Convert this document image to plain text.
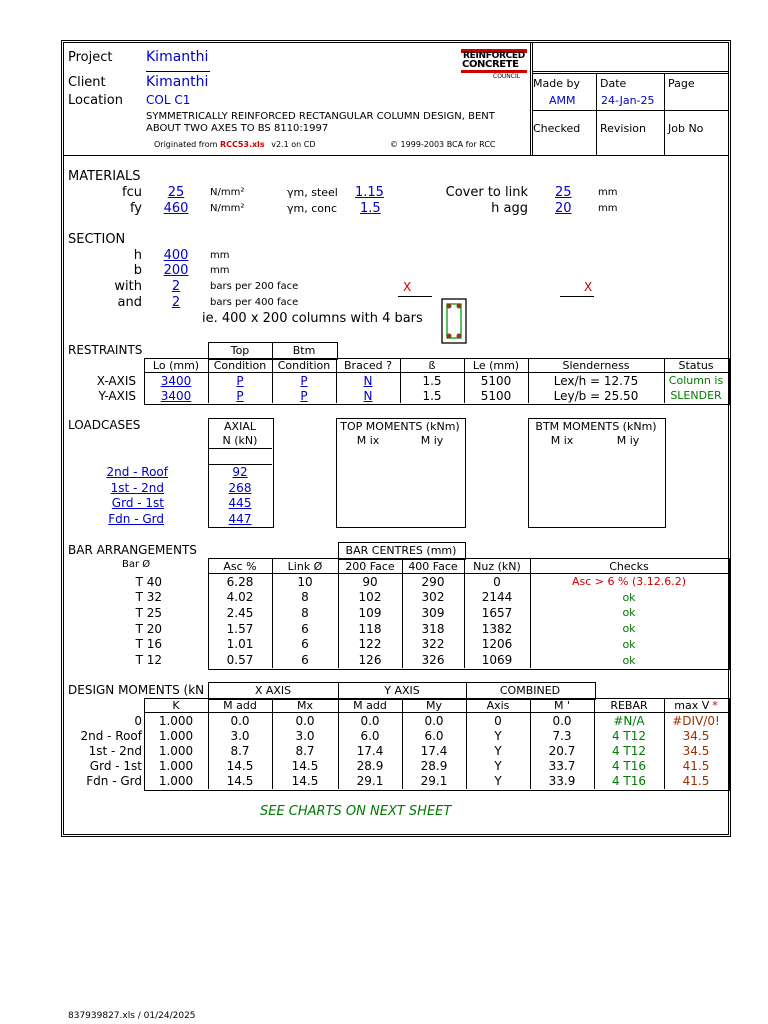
Project Kimanthi
Client	Kimanthi
Location COL C1
SYMMETRICALLY REINFORCED RECTANGULAR COLUMN DESIGN, BENT
ABOUT TWO AXES TO BS 8110:1997
Originated from RCC53.xls v2.1 on CD	© 1999-2003 BCA for RCC
REINFORCED
CONCRETE
COUNCIL
Made by Date	Page
AMM 24-Jan-25
Checked Revision Job No
MATERIALS
fcu	25	N/mm²
fy 460	N/mm²
γm, steel 1.15
γm, conc 1.5
Cover to link 25	mm
h agg 20	mm
SECTION
h 400	mm
b 200	mm
with	2	bars per 200 face
and	2	bars per 400 face
X	X
ie. 400 x 200 columns with 4 bars
RESTRAINTS	Top	Btm
Lo (mm)	Condition	Condition	Braced ?	ß	Le (mm)	Slenderness	Status
X-AXIS	3400	P	P	N	1.5	5100	Lex/h = 12.75	Column is
Y-AXIS	3400	P	P	N	1.5	5100	Ley/b = 25.50	SLENDER
LOADCASES	AXIAL
N (kN)
TOP MOMENTS (kNm)
M ix	M iy
BTM MOMENTS (kNm)
M ix	M iy
2nd - Roof	92
1st - 2nd	268
Grd - 1st	445
Fdn - Grd	447
BAR ARRANGEMENTS	BAR CENTRES (mm)
Bar Ø	Asc %	Link Ø	200 Face	400 Face	Nuz (kN)	Checks
DESIGN MOMENTS (kN	X AXIS	Y AXIS	COMBINED
K	M add	Mx	M add	My	Axis	M '	REBAR	max V *
SEE CHARTS ON NEXT SHEET
837939827.xls / 01/24/2025
T 40	6.28	10	90	290	0	Asc > 6 % (3.12.6.2)
T 32	4.02	8	102	302	2144	ok
T 25	2.45	8	109	309	1657	ok
T 20	1.57	6	118	318	1382	ok
T 16	1.01	6	122	322	1206	ok
T 12	0.57	6	126	326	1069	ok
0	1.000	0.0	0.0	0.0	0.0	0	0.0	#N/A	#DIV/0!
2nd - Roof	1.000	3.0	3.0	6.0	6.0	Y	7.3	4 T12	34.5
1st - 2nd	1.000	8.7	8.7	17.4	17.4	Y	20.7	4 T12	34.5
Grd - 1st	1.000	14.5	14.5	28.9	28.9	Y	33.7	4 T16	41.5
Fdn - Grd	1.000	14.5	14.5	29.1	29.1	Y	33.9	4 T16	41.5
